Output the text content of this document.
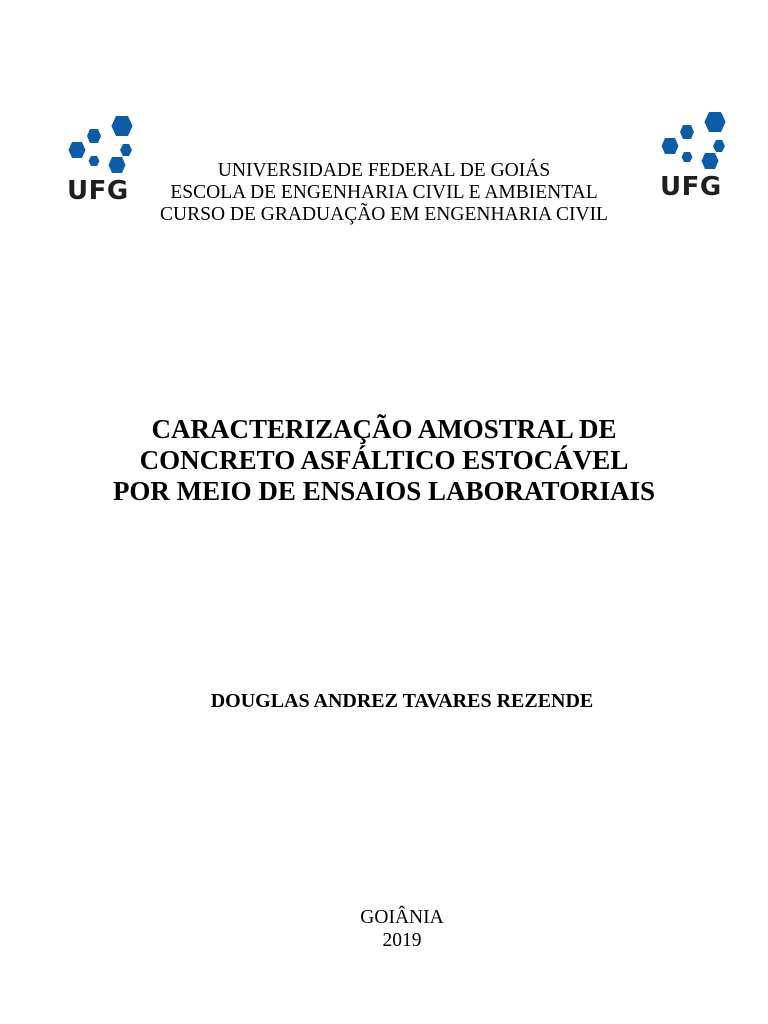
UFG	UFG
UNIVERSIDADE FEDERAL DE GOIÁS
ESCOLA DE ENGENHARIA CIVIL E AMBIENTAL
CURSO DE GRADUAÇÃO EM ENGENHARIA CIVIL
CARACTERIZAÇÃO AMOSTRAL DE
CONCRETO ASFÁLTICO ESTOCÁVEL
POR MEIO DE ENSAIOS LABORATORIAIS
DOUGLAS ANDREZ TAVARES REZENDE
GOIÂNIA
2019
